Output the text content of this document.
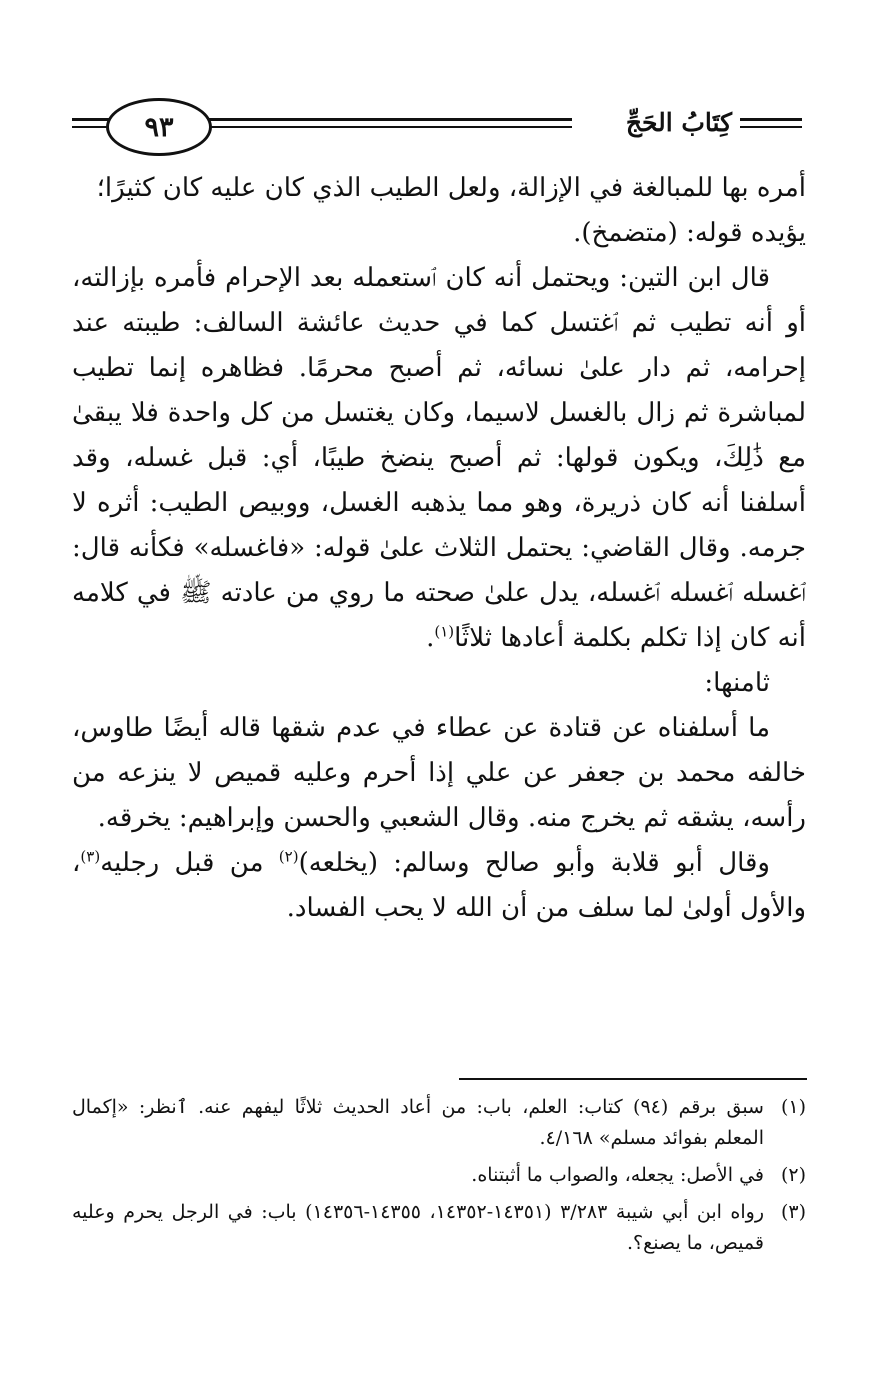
كِتَابُ الحَجِّ
٩٣

أمره بها للمبالغة في الإزالة، ولعل الطيب الذي كان عليه كان كثيرًا؛
يؤيده قوله: (متضمخ).

قال ابن التين: ويحتمل أنه كان ٱستعمله بعد الإحرام فأمره بإزالته، أو أنه تطيب ثم ٱغتسل كما في حديث عائشة السالف: طيبته عند إحرامه، ثم دار علىٰ نسائه، ثم أصبح محرمًا. فظاهره إنما تطيب لمباشرة ثم زال بالغسل لاسيما، وكان يغتسل من كل واحدة فلا يبقىٰ مع ذَٰلِكَ، ويكون قولها: ثم أصبح ينضخ طيبًا، أي: قبل غسله، وقد أسلفنا أنه كان ذريرة، وهو مما يذهبه الغسل، ووبيص الطيب: أثره لا جرمه. وقال القاضي: يحتمل الثلاث علىٰ قوله: «فاغسله» فكأنه قال: ٱغسله ٱغسله ٱغسله، يدل علىٰ صحته ما روي من عادته ﷺ في كلامه أنه كان إذا تكلم بكلمة أعادها ثلاثًا$^{(١)}$.

ثامنها:

ما أسلفناه عن قتادة عن عطاء في عدم شقها قاله أيضًا طاوس، خالفه محمد بن جعفر عن علي إذا أحرم وعليه قميص لا ينزعه من رأسه، يشقه ثم يخرج منه. وقال الشعبي والحسن وإبراهيم: يخرقه.

وقال أبو قلابة وأبو صالح وسالم: (يخلعه)$^{(٢)}$ من قبل رجليه$^{(٣)}$، والأول أولىٰ لما سلف من أن الله لا يحب الفساد.

(١)
سبق برقم (٩٤) كتاب: العلم، باب: من أعاد الحديث ثلاثًا ليفهم عنه. ٱنظر: «إكمال المعلم بفوائد مسلم» ٤/١٦٨.
(٢)
في الأصل: يجعله، والصواب ما أثبتناه.
(٣)
رواه ابن أبي شيبة ٣/٢٨٣ (١٤٣٥١-١٤٣٥٢، ١٤٣٥٥-١٤٣٥٦) باب: في الرجل يحرم وعليه قميص، ما يصنع؟.
